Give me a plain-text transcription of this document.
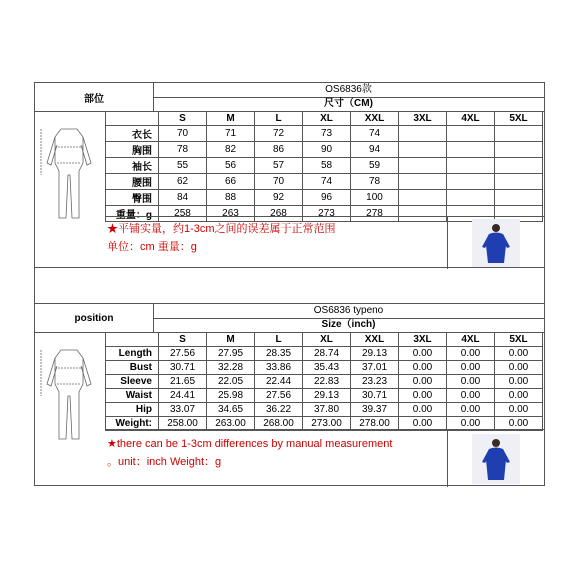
部位
OS6836款
尺寸（CM)
	S	M	L	XL	XXL	3XL	4XL	5XL
衣长	70	71	72	73	74			
胸围	78	82	86	90	94			
袖长	55	56	57	58	59			
腰围	62	66	70	74	78			
臀围	84	88	92	96	100			
重量：g	258	263	268	273	278			
★平铺实量，约1-3cm之间的误差属于正常范围
单位：cm 重量：g
position
OS6836 typeno
Size（inch)
	S	M	L	XL	XXL	3XL	4XL	5XL
Length	27.56	27.95	28.35	28.74	29.13	0.00	0.00	0.00
Bust	30.71	32.28	33.86	35.43	37.01	0.00	0.00	0.00
Sleeve	21.65	22.05	22.44	22.83	23.23	0.00	0.00	0.00
Waist	24.41	25.98	27.56	29.13	30.71	0.00	0.00	0.00
Hip	33.07	34.65	36.22	37.80	39.37	0.00	0.00	0.00
Weight:	258.00	263.00	268.00	273.00	278.00	0.00	0.00	0.00
★there can be 1-3cm differences by manual measurement
。unit：inch Weight：g
